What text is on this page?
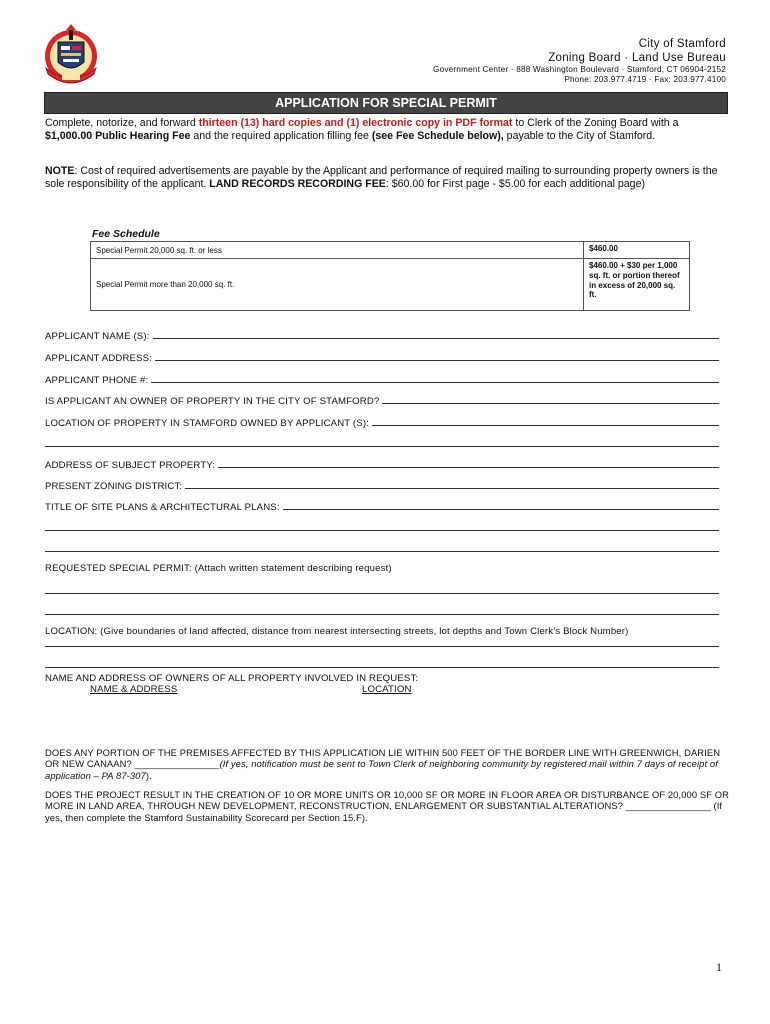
City of Stamford
Zoning Board · Land Use Bureau
Government Center · 888 Washington Boulevard · Stamford, CT 06904-2152
Phone: 203.977.4719 · Fax: 203.977.4100
APPLICATION FOR SPECIAL PERMIT
Complete, notorize, and forward thirteen (13) hard copies and (1) electronic copy in PDF format to Clerk of the Zoning Board with a $1,000.00 Public Hearing Fee and the required application filling fee (see Fee Schedule below), payable to the City of Stamford.
NOTE: Cost of required advertisements are payable by the Applicant and performance of required mailing to surrounding property owners is the sole responsibility of the applicant. LAND RECORDS RECORDING FEE: $60.00 for First page - $5.00 for each additional page)
Fee Schedule
Special Permit 20,000 sq. ft. or less	$460.00
Special Permit more than 20,000 sq. ft.	$460.00 + $30 per 1,000 sq. ft. or portion thereof in excess of 20,000 sq. ft.
APPLICANT NAME (S):
APPLICANT ADDRESS:
APPLICANT PHONE #:
IS APPLICANT AN OWNER OF PROPERTY IN THE CITY OF STAMFORD?
LOCATION OF PROPERTY IN STAMFORD OWNED BY APPLICANT (S):
ADDRESS OF SUBJECT PROPERTY:
PRESENT ZONING DISTRICT:
TITLE OF SITE PLANS & ARCHITECTURAL PLANS:
REQUESTED SPECIAL PERMIT: (Attach written statement describing request)
LOCATION: (Give boundaries of land affected, distance from nearest intersecting streets, lot depths and Town Clerk’s Block Number)
NAME AND ADDRESS OF OWNERS OF ALL PROPERTY INVOLVED IN REQUEST:
NAME & ADDRESS	LOCATION
DOES ANY PORTION OF THE PREMISES AFFECTED BY THIS APPLICATION LIE WITHIN 500 FEET OF THE BORDER LINE WITH GREENWICH, DARIEN OR NEW CANAAN? ________________(If yes, notification must be sent to Town Clerk of neighboring community by registered mail within 7 days of receipt of application – PA 87-307).
DOES THE PROJECT RESULT IN THE CREATION OF 10 OR MORE UNITS OR 10,000 SF OR MORE IN FLOOR AREA OR DISTURBANCE OF 20,000 SF OR MORE IN LAND AREA, THROUGH NEW DEVELOPMENT, RECONSTRUCTION, ENLARGEMENT OR SUBSTANTIAL ALTERATIONS? ________________ (If yes, then complete the Stamford Sustainability Scorecard per Section 15.F).
1
